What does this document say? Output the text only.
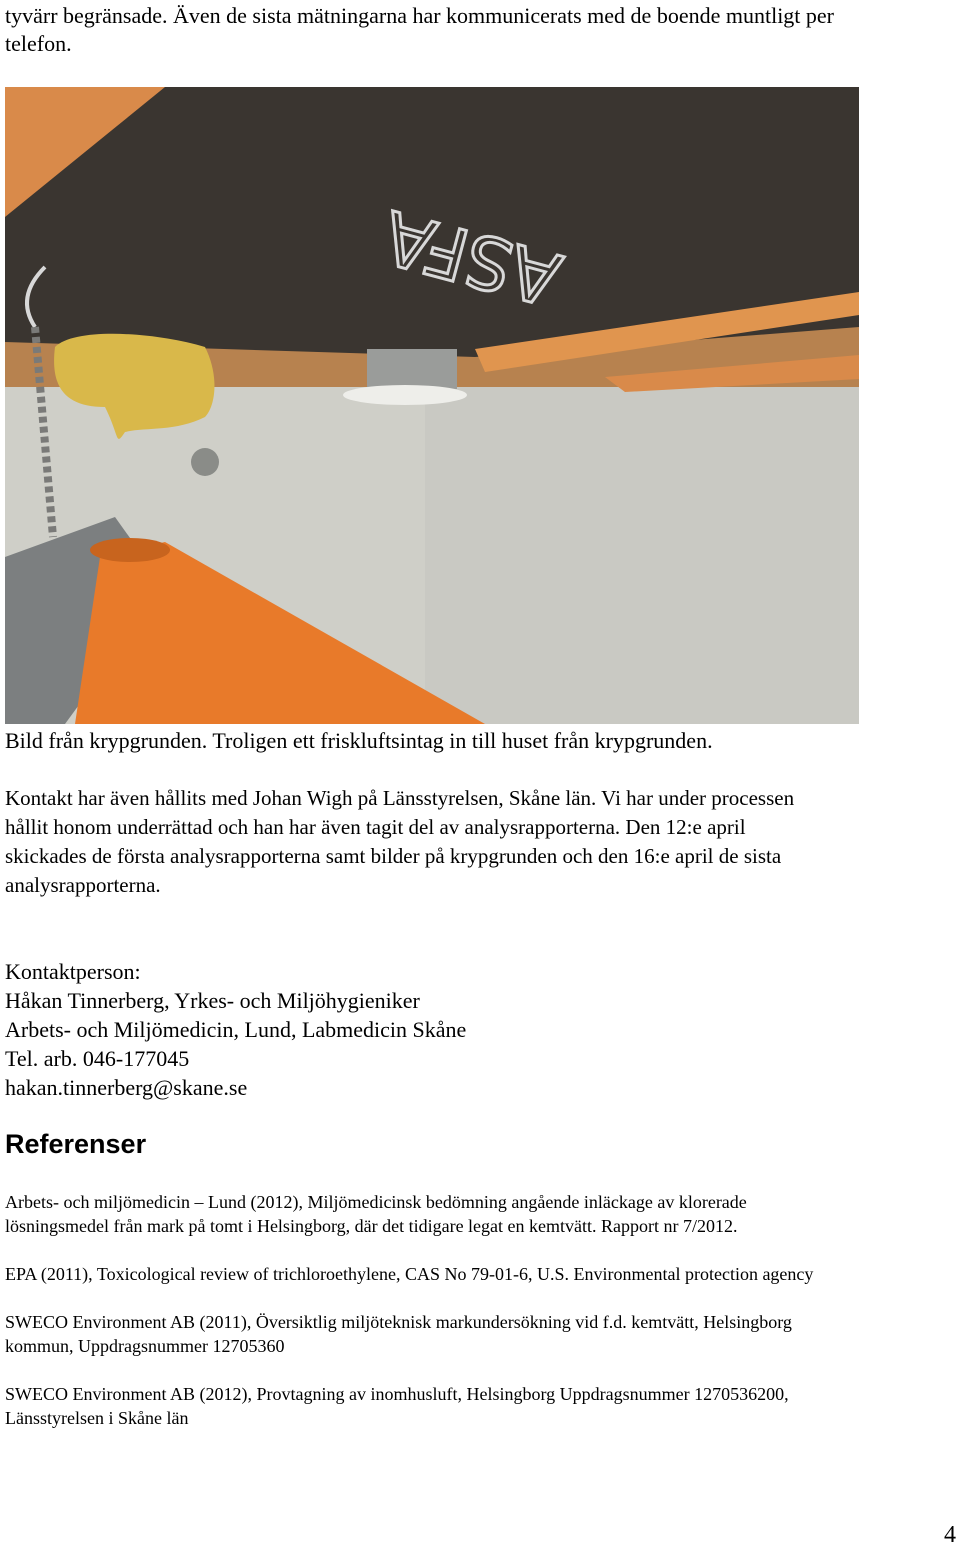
tyvärr begränsade. Även de sista mätningarna har kommunicerats med de boende muntligt per
telefon.
ASFA
Bild från krypgrunden. Troligen ett friskluftsintag in till huset från krypgrunden.
Kontakt har även hållits med Johan Wigh på Länsstyrelsen, Skåne län. Vi har under processen
hållit honom underrättad och han har även tagit del av analysrapporterna. Den 12:e april
skickades de första analysrapporterna samt bilder på krypgrunden och den 16:e april de sista
analysrapporterna.
Kontaktperson:
Håkan Tinnerberg, Yrkes- och Miljöhygieniker
Arbets- och Miljömedicin, Lund, Labmedicin Skåne
Tel. arb. 046-177045
hakan.tinnerberg@skane.se
Referenser
Arbets- och miljömedicin – Lund (2012), Miljömedicinsk bedömning angående inläckage av klorerade
lösningsmedel från mark på tomt i Helsingborg, där det tidigare legat en kemtvätt. Rapport nr 7/2012.
EPA (2011), Toxicological review of trichloroethylene, CAS No 79-01-6, U.S. Environmental protection agency
SWECO Environment AB (2011), Översiktlig miljöteknisk markundersökning vid f.d. kemtvätt, Helsingborg
kommun, Uppdragsnummer 12705360
SWECO Environment AB (2012), Provtagning av inomhusluft, Helsingborg Uppdragsnummer 1270536200,
Länsstyrelsen i Skåne län
4
